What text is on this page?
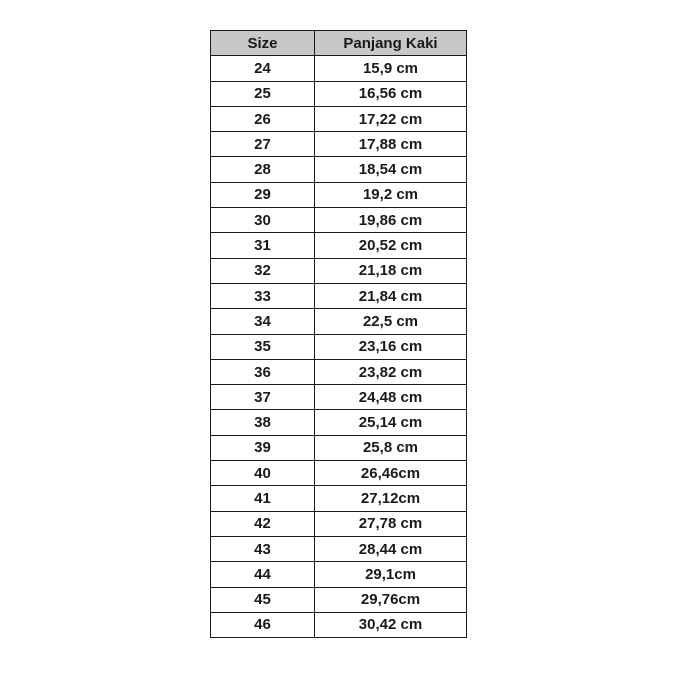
Size	Panjang Kaki
24	15,9 cm
25	16,56 cm
26	17,22 cm
27	17,88 cm
28	18,54 cm
29	19,2 cm
30	19,86 cm
31	20,52 cm
32	21,18 cm
33	21,84 cm
34	22,5 cm
35	23,16 cm
36	23,82 cm
37	24,48 cm
38	25,14 cm
39	25,8 cm
40	26,46cm
41	27,12cm
42	27,78 cm
43	28,44 cm
44	29,1cm
45	29,76cm
46	30,42 cm
